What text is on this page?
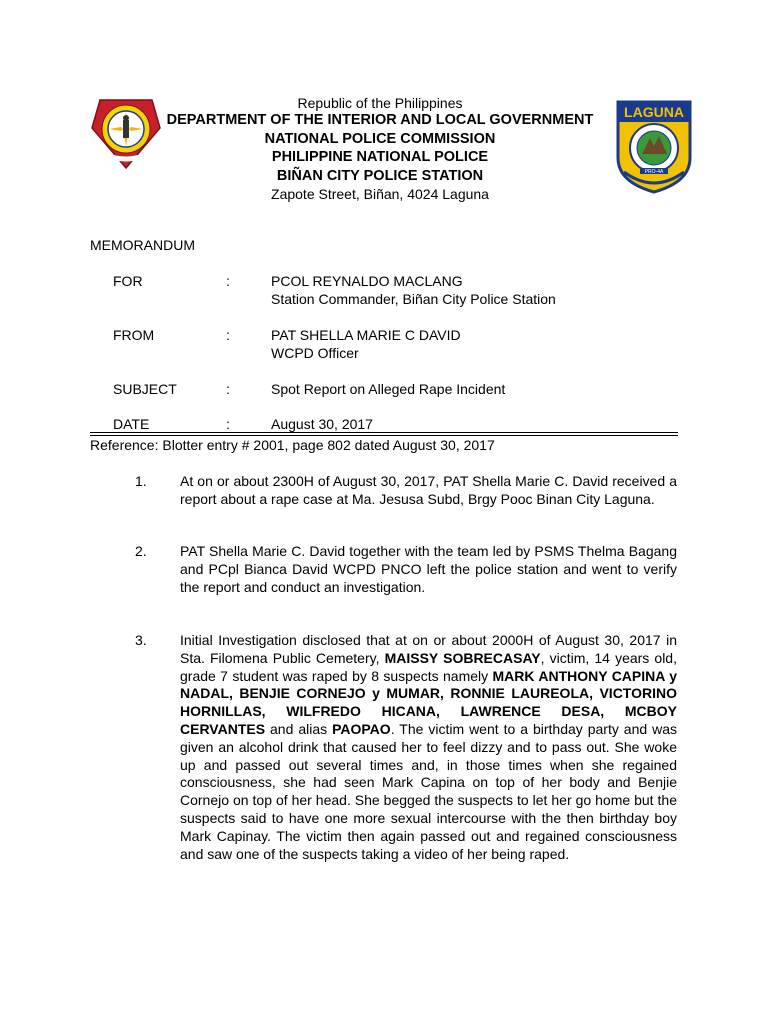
LAGUNA
PRO-4A
Republic of the Philippines
DEPARTMENT OF THE INTERIOR AND LOCAL GOVERNMENT
NATIONAL POLICE COMMISSION
PHILIPPINE NATIONAL POLICE
BIÑAN CITY POLICE STATION
Zapote Street, Biñan, 4024 Laguna
MEMORANDUM
FOR	:	PCOL REYNALDO MACLANG
Station Commander, Biñan City Police Station
FROM	:	PAT SHELLA MARIE C DAVID
WCPD Officer
SUBJECT	:	Spot Report on Alleged Rape Incident
DATE	:	August 30, 2017
Reference: Blotter entry # 2001, page 802 dated August 30, 2017
1. At on or about 2300H of August 30, 2017, PAT Shella Marie C. David received a report about a rape case at Ma. Jesusa Subd, Brgy Pooc Binan City Laguna.
2. PAT Shella Marie C. David together with the team led by PSMS Thelma Bagang and PCpl Bianca David WCPD PNCO left the police station and went to verify the report and conduct an investigation.
3. Initial Investigation disclosed that at on or about 2000H of August 30, 2017 in Sta. Filomena Public Cemetery, MAISSY SOBRECASAY, victim, 14 years old, grade 7 student was raped by 8 suspects namely MARK ANTHONY CAPINA y NADAL, BENJIE CORNEJO y MUMAR, RONNIE LAUREOLA, VICTORINO HORNILLAS, WILFREDO HICANA, LAWRENCE DESA, MCBOY CERVANTES and alias PAOPAO. The victim went to a birthday party and was given an alcohol drink that caused her to feel dizzy and to pass out. She woke up and passed out several times and, in those times when she regained consciousness, she had seen Mark Capina on top of her body and Benjie Cornejo on top of her head. She begged the suspects to let her go home but the suspects said to have one more sexual intercourse with the then birthday boy Mark Capinay. The victim then again passed out and regained consciousness and saw one of the suspects taking a video of her being raped.
